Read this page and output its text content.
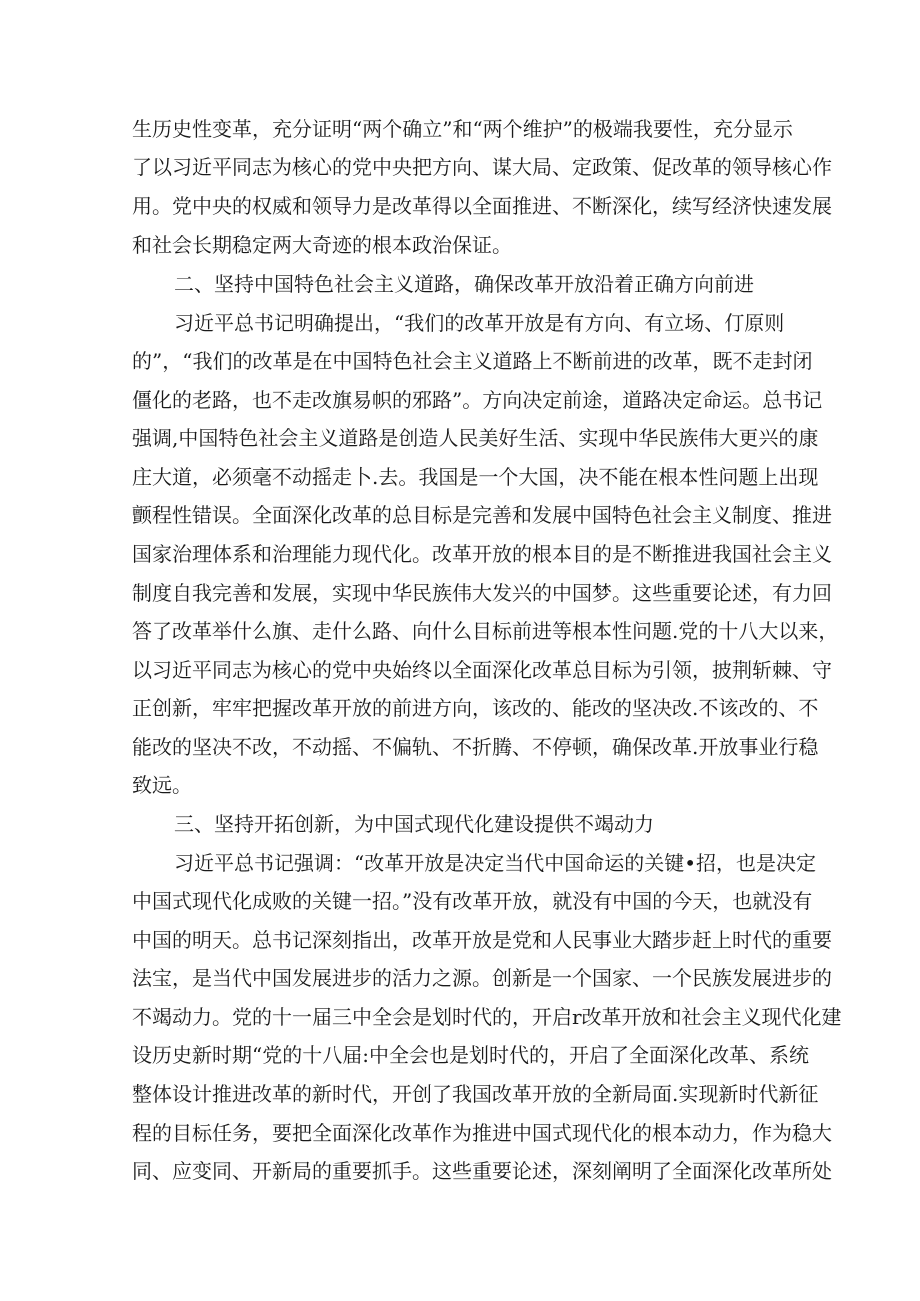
生历史性变革，充分证明“两个确立”和“两个维护”的极端我要性，充分显示
了以习近平同志为核心的党中央把方向、谋大局、定政策、促改革的领导核心作
用。党中央的权威和领导力是改革得以全面推进、不断深化，续写经济快速发展
和社会长期稳定两大奇迹的根本政治保证。
二、坚持中国特色社会主义道路，确保改革开放沿着正确方向前进
习近平总书记明确提出，“我们的改革开放是有方向、有立场、仃原则
的”，“我们的改革是在中国特色社会主义道路上不断前进的改革，既不走封闭
僵化的老路，也不走改旗易帜的邪路”。方向决定前途，道路决定命运。总书记
强调,中国特色社会主义道路是创造人民美好生活、实现中华民族伟大更兴的康
庄大道，必须毫不动摇走卜.去。我国是一个大国，决不能在根本性问题上出现
颤程性错误。全面深化改革的总目标是完善和发展中国特色社会主义制度、推进
国家治理体系和治理能力现代化。改革开放的根本目的是不断推进我国社会主义
制度自我完善和发展，实现中华民族伟大发兴的中国梦。这些重要论述，有力回
答了改革举什么旗、走什么路、向什么目标前进等根本性问题.党的十八大以来，
以习近平同志为核心的党中央始终以全面深化改革总目标为引领，披荆斩棘、守
正创新，牢牢把握改革开放的前进方向，该改的、能改的坚决改.不该改的、不
能改的坚决不改，不动摇、不偏轨、不折腾、不停顿，确保改革.开放事业行稳
致远。
三、坚持开拓创新，为中国式现代化建设提供不竭动力
习近平总书记强调：“改革开放是决定当代中国命运的关键•招，也是决定
中国式现代化成败的关键一招。”没有改革开放，就没有中国的今天，也就没有
中国的明天。总书记深刻指出，改革开放是党和人民事业大踏步赶上时代的重要
法宝，是当代中国发展进步的活力之源。创新是一个国家、一个民族发展进步的
不竭动力。党的十一届三中全会是划时代的，开启r改革开放和社会主义现代化建
设历史新时期“党的十八届:中全会也是划时代的，开启了全面深化改革、系统
整体设计推进改革的新时代，开创了我国改革开放的全新局面.实现新时代新征
程的目标任务，要把全面深化改革作为推进中国式现代化的根本动力，作为稳大
同、应变同、开新局的重要抓手。这些重要论述，深刻阐明了全面深化改革所处
